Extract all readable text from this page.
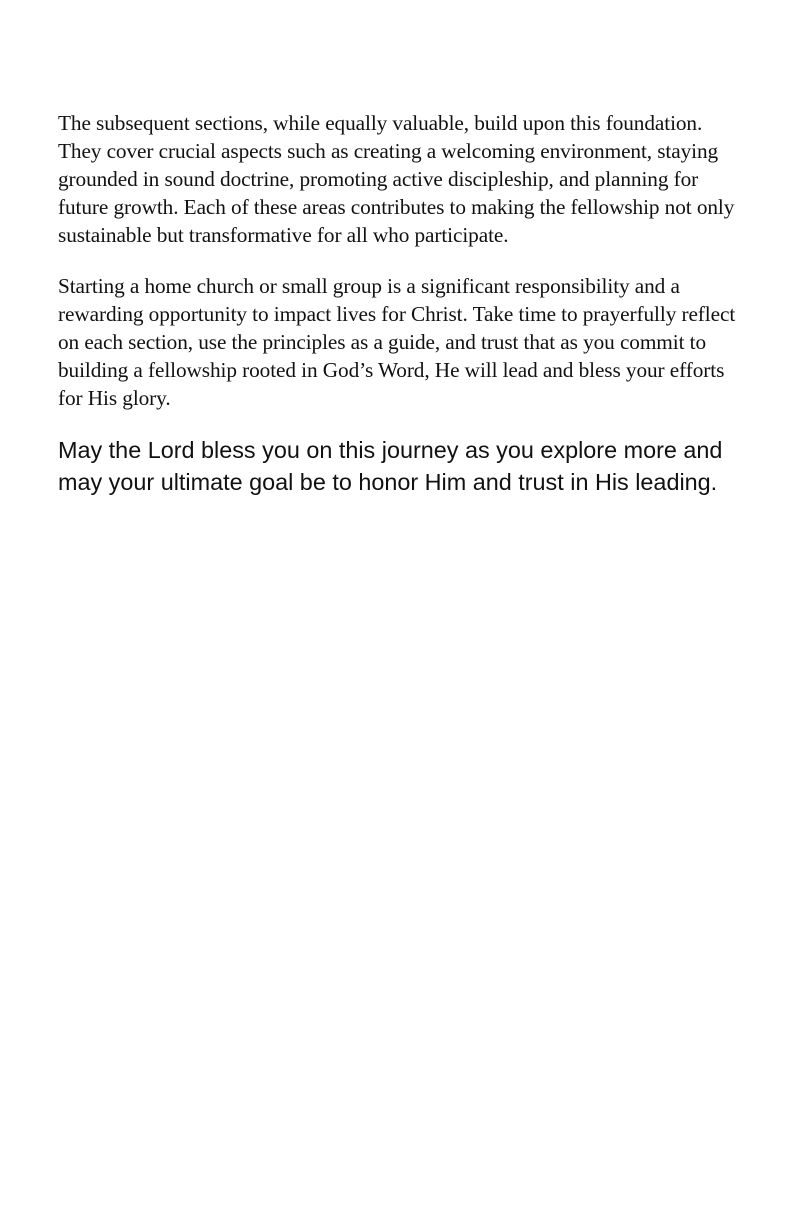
The subsequent sections, while equally valuable, build upon this foundation. They cover crucial aspects such as creating a welcoming environment, staying grounded in sound doctrine, promoting active discipleship, and planning for future growth. Each of these areas contributes to making the fellowship not only sustainable but transformative for all who participate.

Starting a home church or small group is a significant responsibility and a rewarding opportunity to impact lives for Christ. Take time to prayerfully reflect on each section, use the principles as a guide, and trust that as you commit to building a fellowship rooted in God’s Word, He will lead and bless your efforts for His glory.

May the Lord bless you on this journey as you explore more and may your ultimate goal be to honor Him and trust in His leading.
